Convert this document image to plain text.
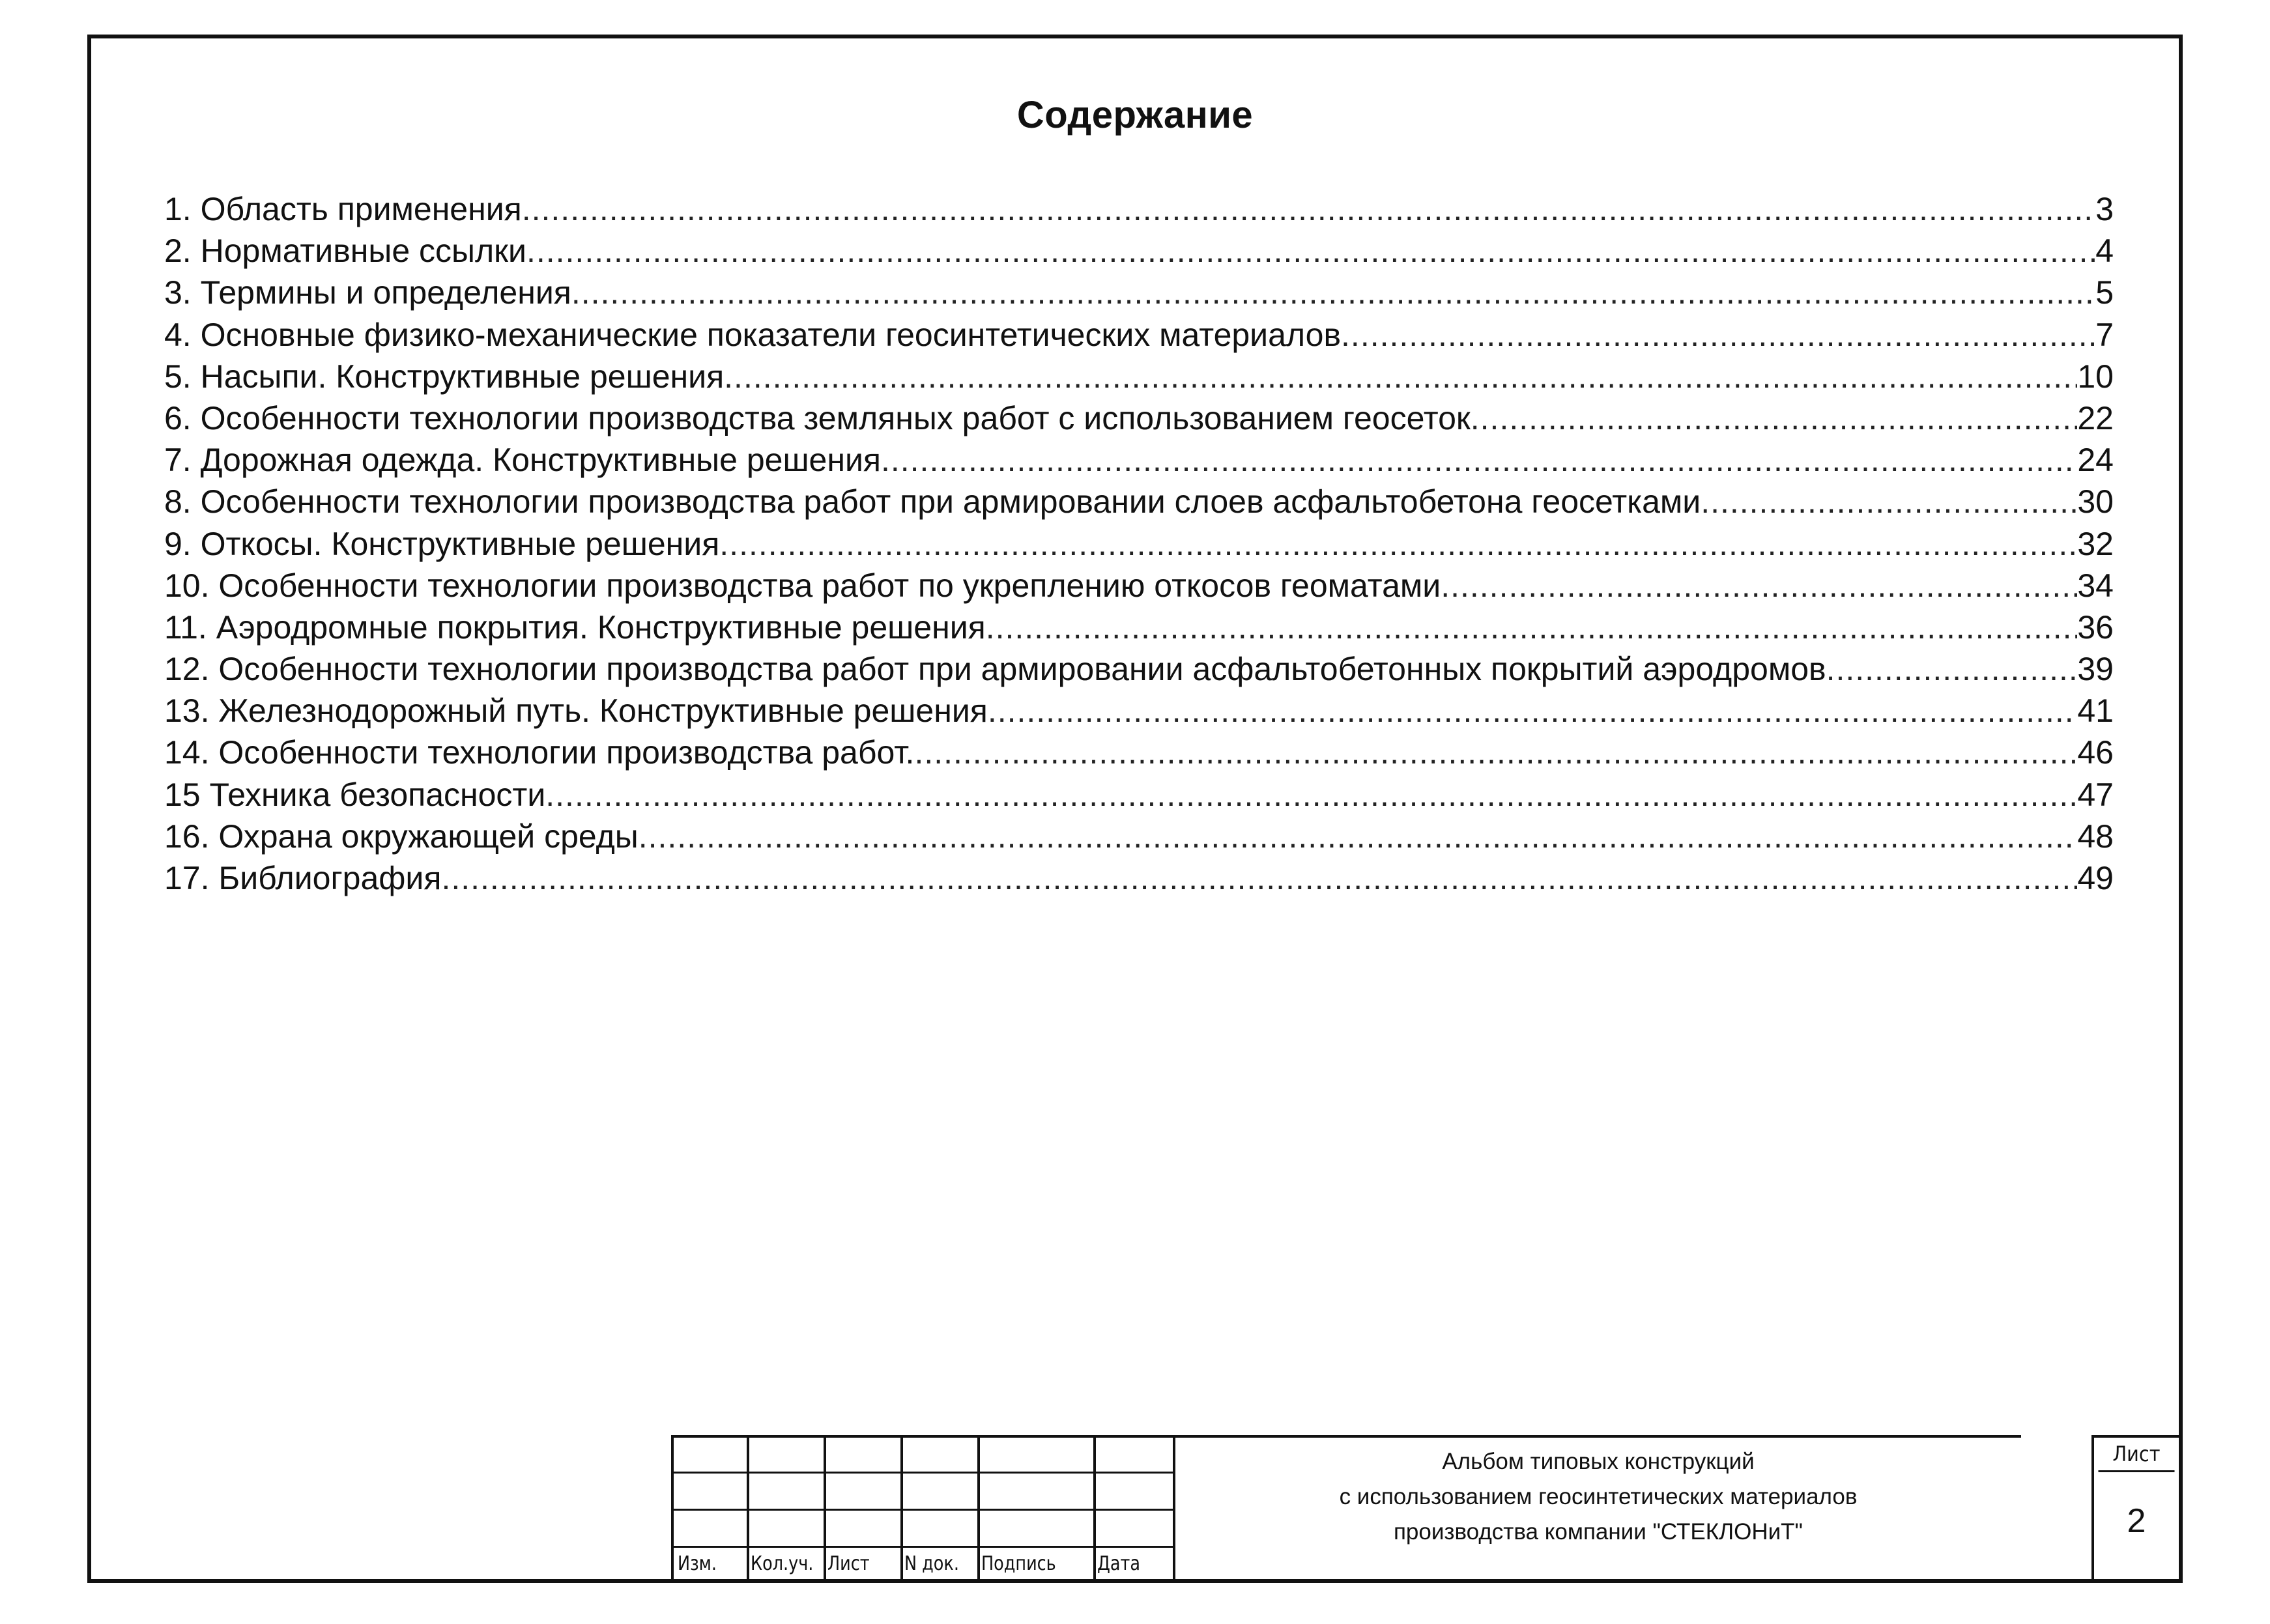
Содержание
1. Область применения .....	3
2. Нормативные ссылки .....	4
3. Термины и определения .....	5
4. Основные физико-механические показатели геосинтетических материалов .....	7
5. Насыпи. Конструктивные решения .....	10
6. Особенности технологии производства земляных работ с использованием геосеток .....	22
7. Дорожная одежда. Конструктивные решения .....	24
8. Особенности технологии производства работ при армировании слоев асфальтобетона геосетками .....	30
9. Откосы. Конструктивные решения .....	32
10. Особенности технологии производства работ по укреплению откосов геоматами .....	34
11. Аэродромные покрытия. Конструктивные решения .....	36
12. Особенности технологии производства работ при армировании асфальтобетонных покрытий аэродромов .....	39
13. Железнодорожный путь. Конструктивные решения .....	41
14. Особенности технологии производства работ. .....	46
15 Техника безопасности .....	47
16. Охрана окружающей среды .....	48
17. Библиография .....	49
Изм. Кол.уч. Лист N док. Подпись Дата
Альбом типовых конструкций
с использованием геосинтетических материалов
производства компании "СТЕКЛОНиТ"
Лист
2
